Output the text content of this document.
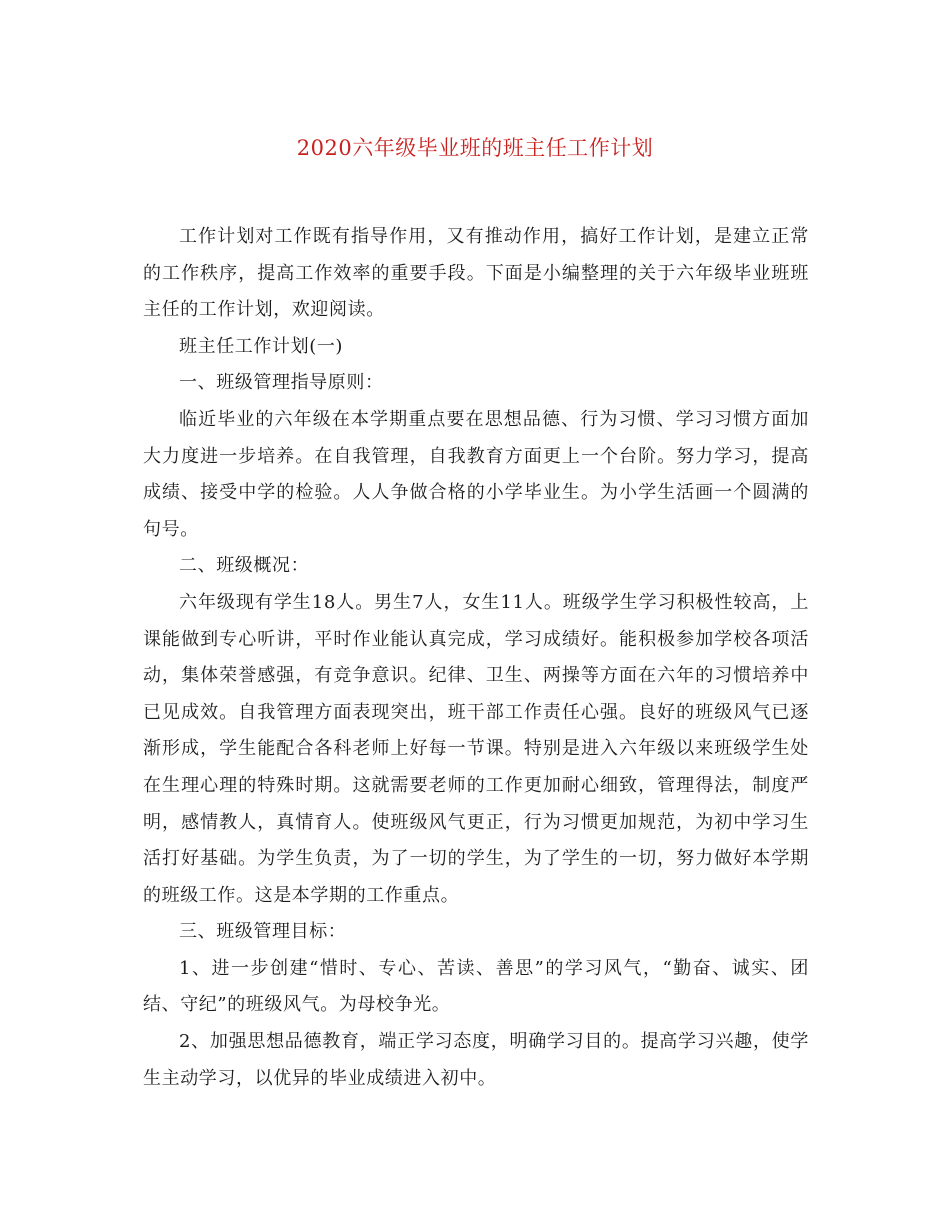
2020六年级毕业班的班主任工作计划

工作计划对工作既有指导作用，又有推动作用，搞好工作计划，是建立正常的工作秩序，提高工作效率的重要手段。下面是小编整理的关于六年级毕业班班主任的工作计划，欢迎阅读。

班主任工作计划(一)

一、班级管理指导原则：

临近毕业的六年级在本学期重点要在思想品德、行为习惯、学习习惯方面加大力度进一步培养。在自我管理，自我教育方面更上一个台阶。努力学习，提高成绩、接受中学的检验。人人争做合格的小学毕业生。为小学生活画一个圆满的句号。

二、班级概况：

六年级现有学生18人。男生7人，女生11人。班级学生学习积极性较高，上课能做到专心听讲，平时作业能认真完成，学习成绩好。能积极参加学校各项活动，集体荣誉感强，有竞争意识。纪律、卫生、两操等方面在六年的习惯培养中已见成效。自我管理方面表现突出，班干部工作责任心强。良好的班级风气已逐渐形成，学生能配合各科老师上好每一节课。特别是进入六年级以来班级学生处在生理心理的特殊时期。这就需要老师的工作更加耐心细致，管理得法，制度严明，感情教人，真情育人。使班级风气更正，行为习惯更加规范，为初中学习生活打好基础。为学生负责，为了一切的学生，为了学生的一切，努力做好本学期的班级工作。这是本学期的工作重点。

三、班级管理目标：

1、进一步创建“惜时、专心、苦读、善思”的学习风气，“勤奋、诚实、团结、守纪”的班级风气。为母校争光。

2、加强思想品德教育，端正学习态度，明确学习目的。提高学习兴趣，使学生主动学习，以优异的毕业成绩进入初中。
